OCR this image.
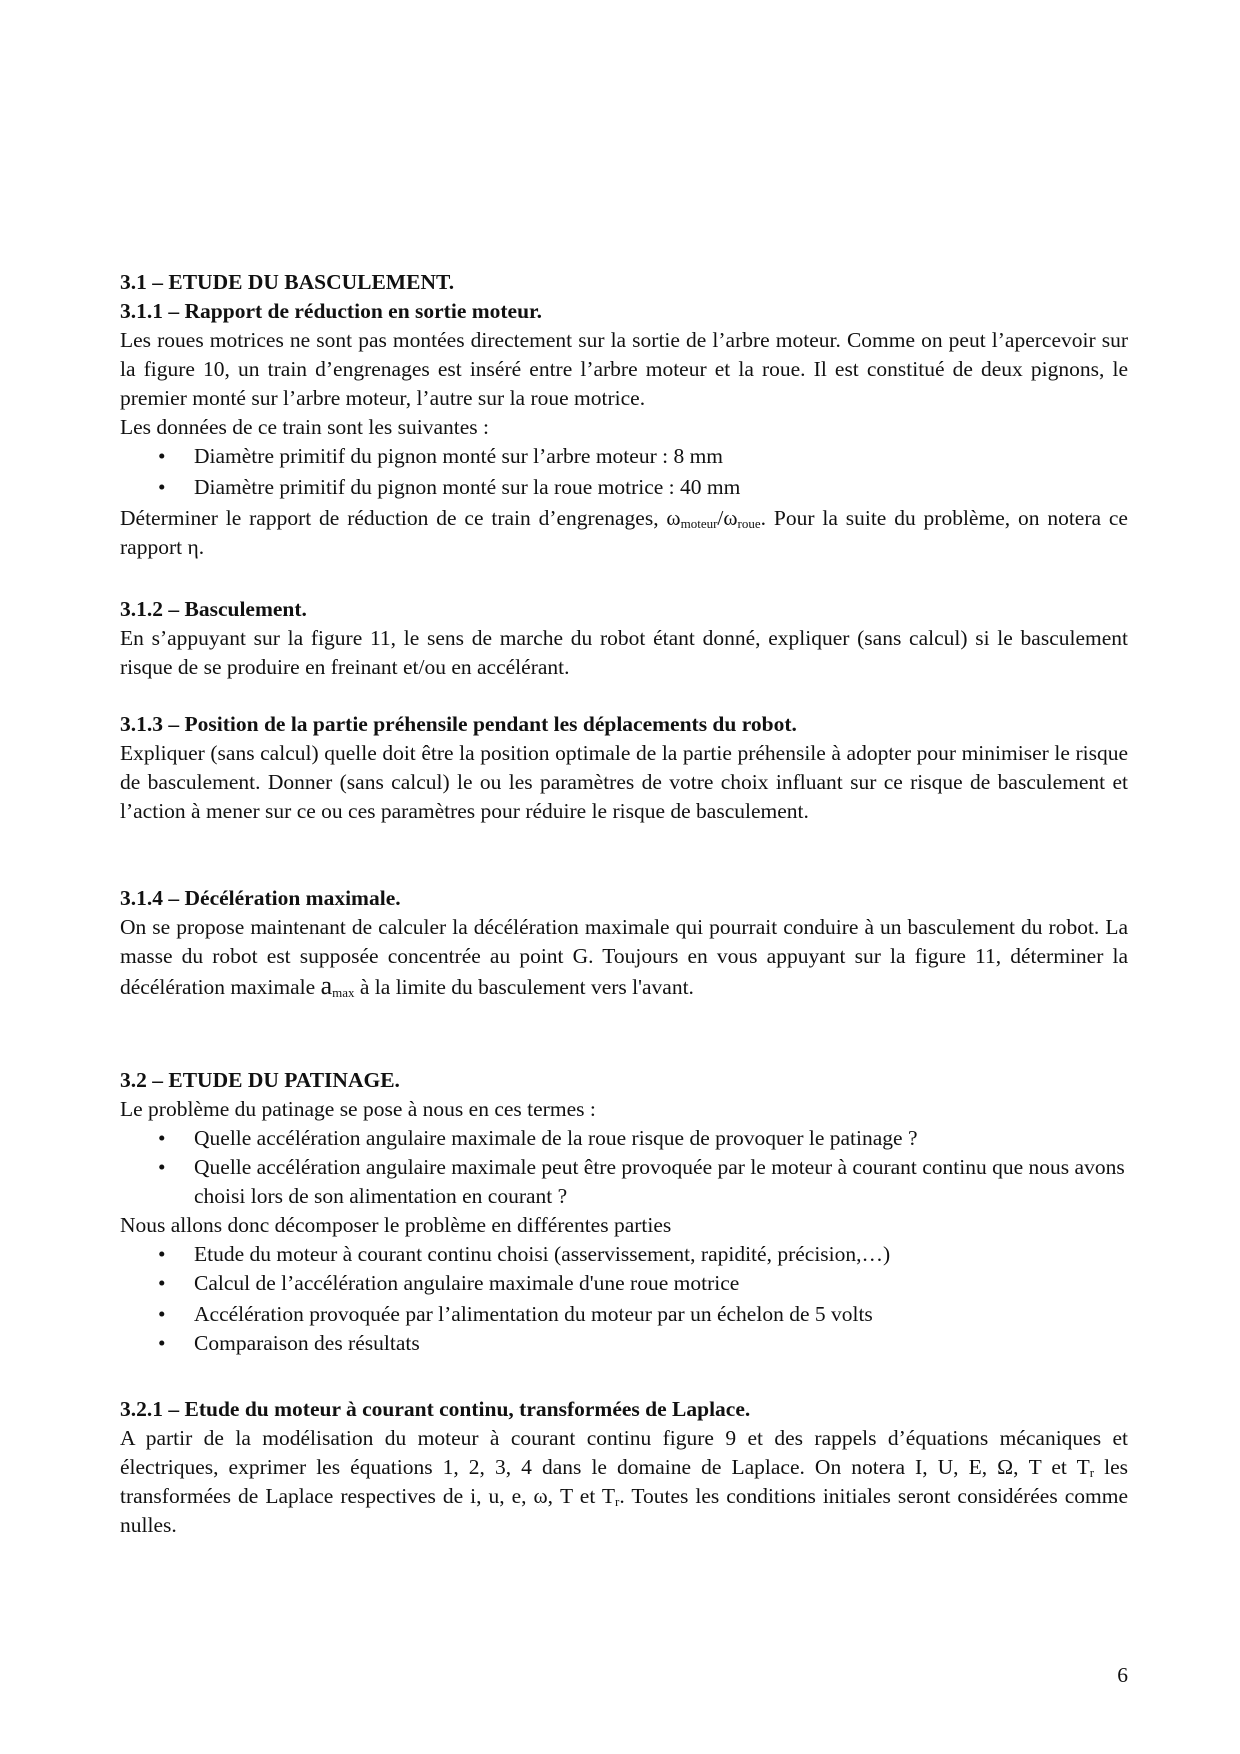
3.1 – ETUDE DU BASCULEMENT.
3.1.1 – Rapport de réduction en sortie moteur.
Les roues motrices ne sont pas montées directement sur la sortie de l’arbre moteur. Comme on peut l’apercevoir sur la figure 10, un train d’engrenages est inséré entre l’arbre moteur et la roue. Il est constitué de deux pignons, le premier monté sur l’arbre moteur, l’autre sur la roue motrice.
Les données de ce train sont les suivantes :
• Diamètre primitif du pignon monté sur l’arbre moteur : 8 mm
• Diamètre primitif du pignon monté sur la roue motrice : 40 mm
Déterminer le rapport de réduction de ce train d’engrenages, $\omega_{moteur}/\omega_{roue}$. Pour la suite du problème, on notera ce rapport η.
3.1.2 – Basculement.
En s’appuyant sur la figure 11, le sens de marche du robot étant donné, expliquer (sans calcul) si le basculement risque de se produire en freinant et/ou en accélérant.
3.1.3 – Position de la partie préhensile pendant les déplacements du robot.
Expliquer (sans calcul) quelle doit être la position optimale de la partie préhensile à adopter pour minimiser le risque de basculement. Donner (sans calcul) le ou les paramètres de votre choix influant sur ce risque de basculement et l’action à mener sur ce ou ces paramètres pour réduire le risque de basculement.
3.1.4 – Décélération maximale.
On se propose maintenant de calculer la décélération maximale qui pourrait conduire à un basculement du robot. La masse du robot est supposée concentrée au point G. Toujours en vous appuyant sur la figure 11, déterminer la décélération maximale $a_{max}$ à la limite du basculement vers l'avant.
3.2 – ETUDE DU PATINAGE.
Le problème du patinage se pose à nous en ces termes :
• Quelle accélération angulaire maximale de la roue risque de provoquer le patinage ?
• Quelle accélération angulaire maximale peut être provoquée par le moteur à courant continu que nous avons choisi lors de son alimentation en courant ?
Nous allons donc décomposer le problème en différentes parties
• Etude du moteur à courant continu choisi (asservissement, rapidité, précision,…)
• Calcul de l’accélération angulaire maximale d'une roue motrice
• Accélération provoquée par l’alimentation du moteur par un échelon de 5 volts
• Comparaison des résultats
3.2.1 – Etude du moteur à courant continu, transformées de Laplace.
A partir de la modélisation du moteur à courant continu figure 9 et des rappels d’équations mécaniques et électriques, exprimer les équations 1, 2, 3, 4 dans le domaine de Laplace. On notera I, U, E, Ω, T et $T_r$ les transformées de Laplace respectives de i, u, e, ω, T et $T_r$. Toutes les conditions initiales seront considérées comme nulles.
6
